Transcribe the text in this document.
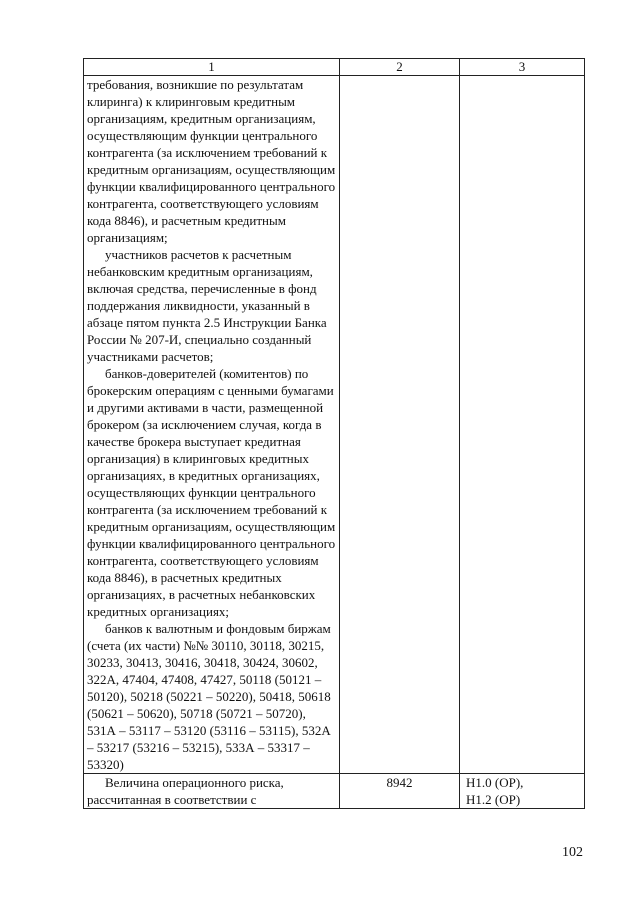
1	2	3

требования, возникшие по результатам клиринга) к клиринговым кредитным организациям, кредитным организациям, осуществляющим функции центрального контрагента (за исключением требований к кредитным организациям, осуществляющим функции квалифицированного центрального контрагента, соответствующего условиям кода 8846), и расчетным кредитным организациям;

участников расчетов к расчетным небанковским кредитным организациям, включая средства, перечисленные в фонд поддержания ликвидности, указанный в абзаце пятом пункта 2.5 Инструкции Банка России № 207-И, специально созданный участниками расчетов;

банков-доверителей (комитентов) по брокерским операциям с ценными бумагами и другими активами в части, размещенной брокером (за исключением случая, когда в качестве брокера выступает кредитная организация) в клиринговых кредитных организациях, в кредитных организациях, осуществляющих функции центрального контрагента (за исключением требований к кредитным организациям, осуществляющим функции квалифицированного центрального контрагента, соответствующего условиям кода 8846), в расчетных кредитных организациях, в расчетных небанковских кредитных организациях;

банков к валютным и фондовым биржам (счета (их части) №№ 30110, 30118, 30215, 30233, 30413, 30416, 30418, 30424, 30602, 322А, 47404, 47408, 47427, 50118 (50121 – 50120), 50218 (50221 – 50220), 50418, 50618 (50621 – 50620), 50718 (50721 – 50720), 531А – 53117 – 53120 (53116 – 53115), 532А – 53217 (53216 – 53215), 533А – 53317 – 53320)		

Величина операционного риска, рассчитанная в соответствии с	8942	Н1.0 (ОР),
Н1.2 (ОР)
102
